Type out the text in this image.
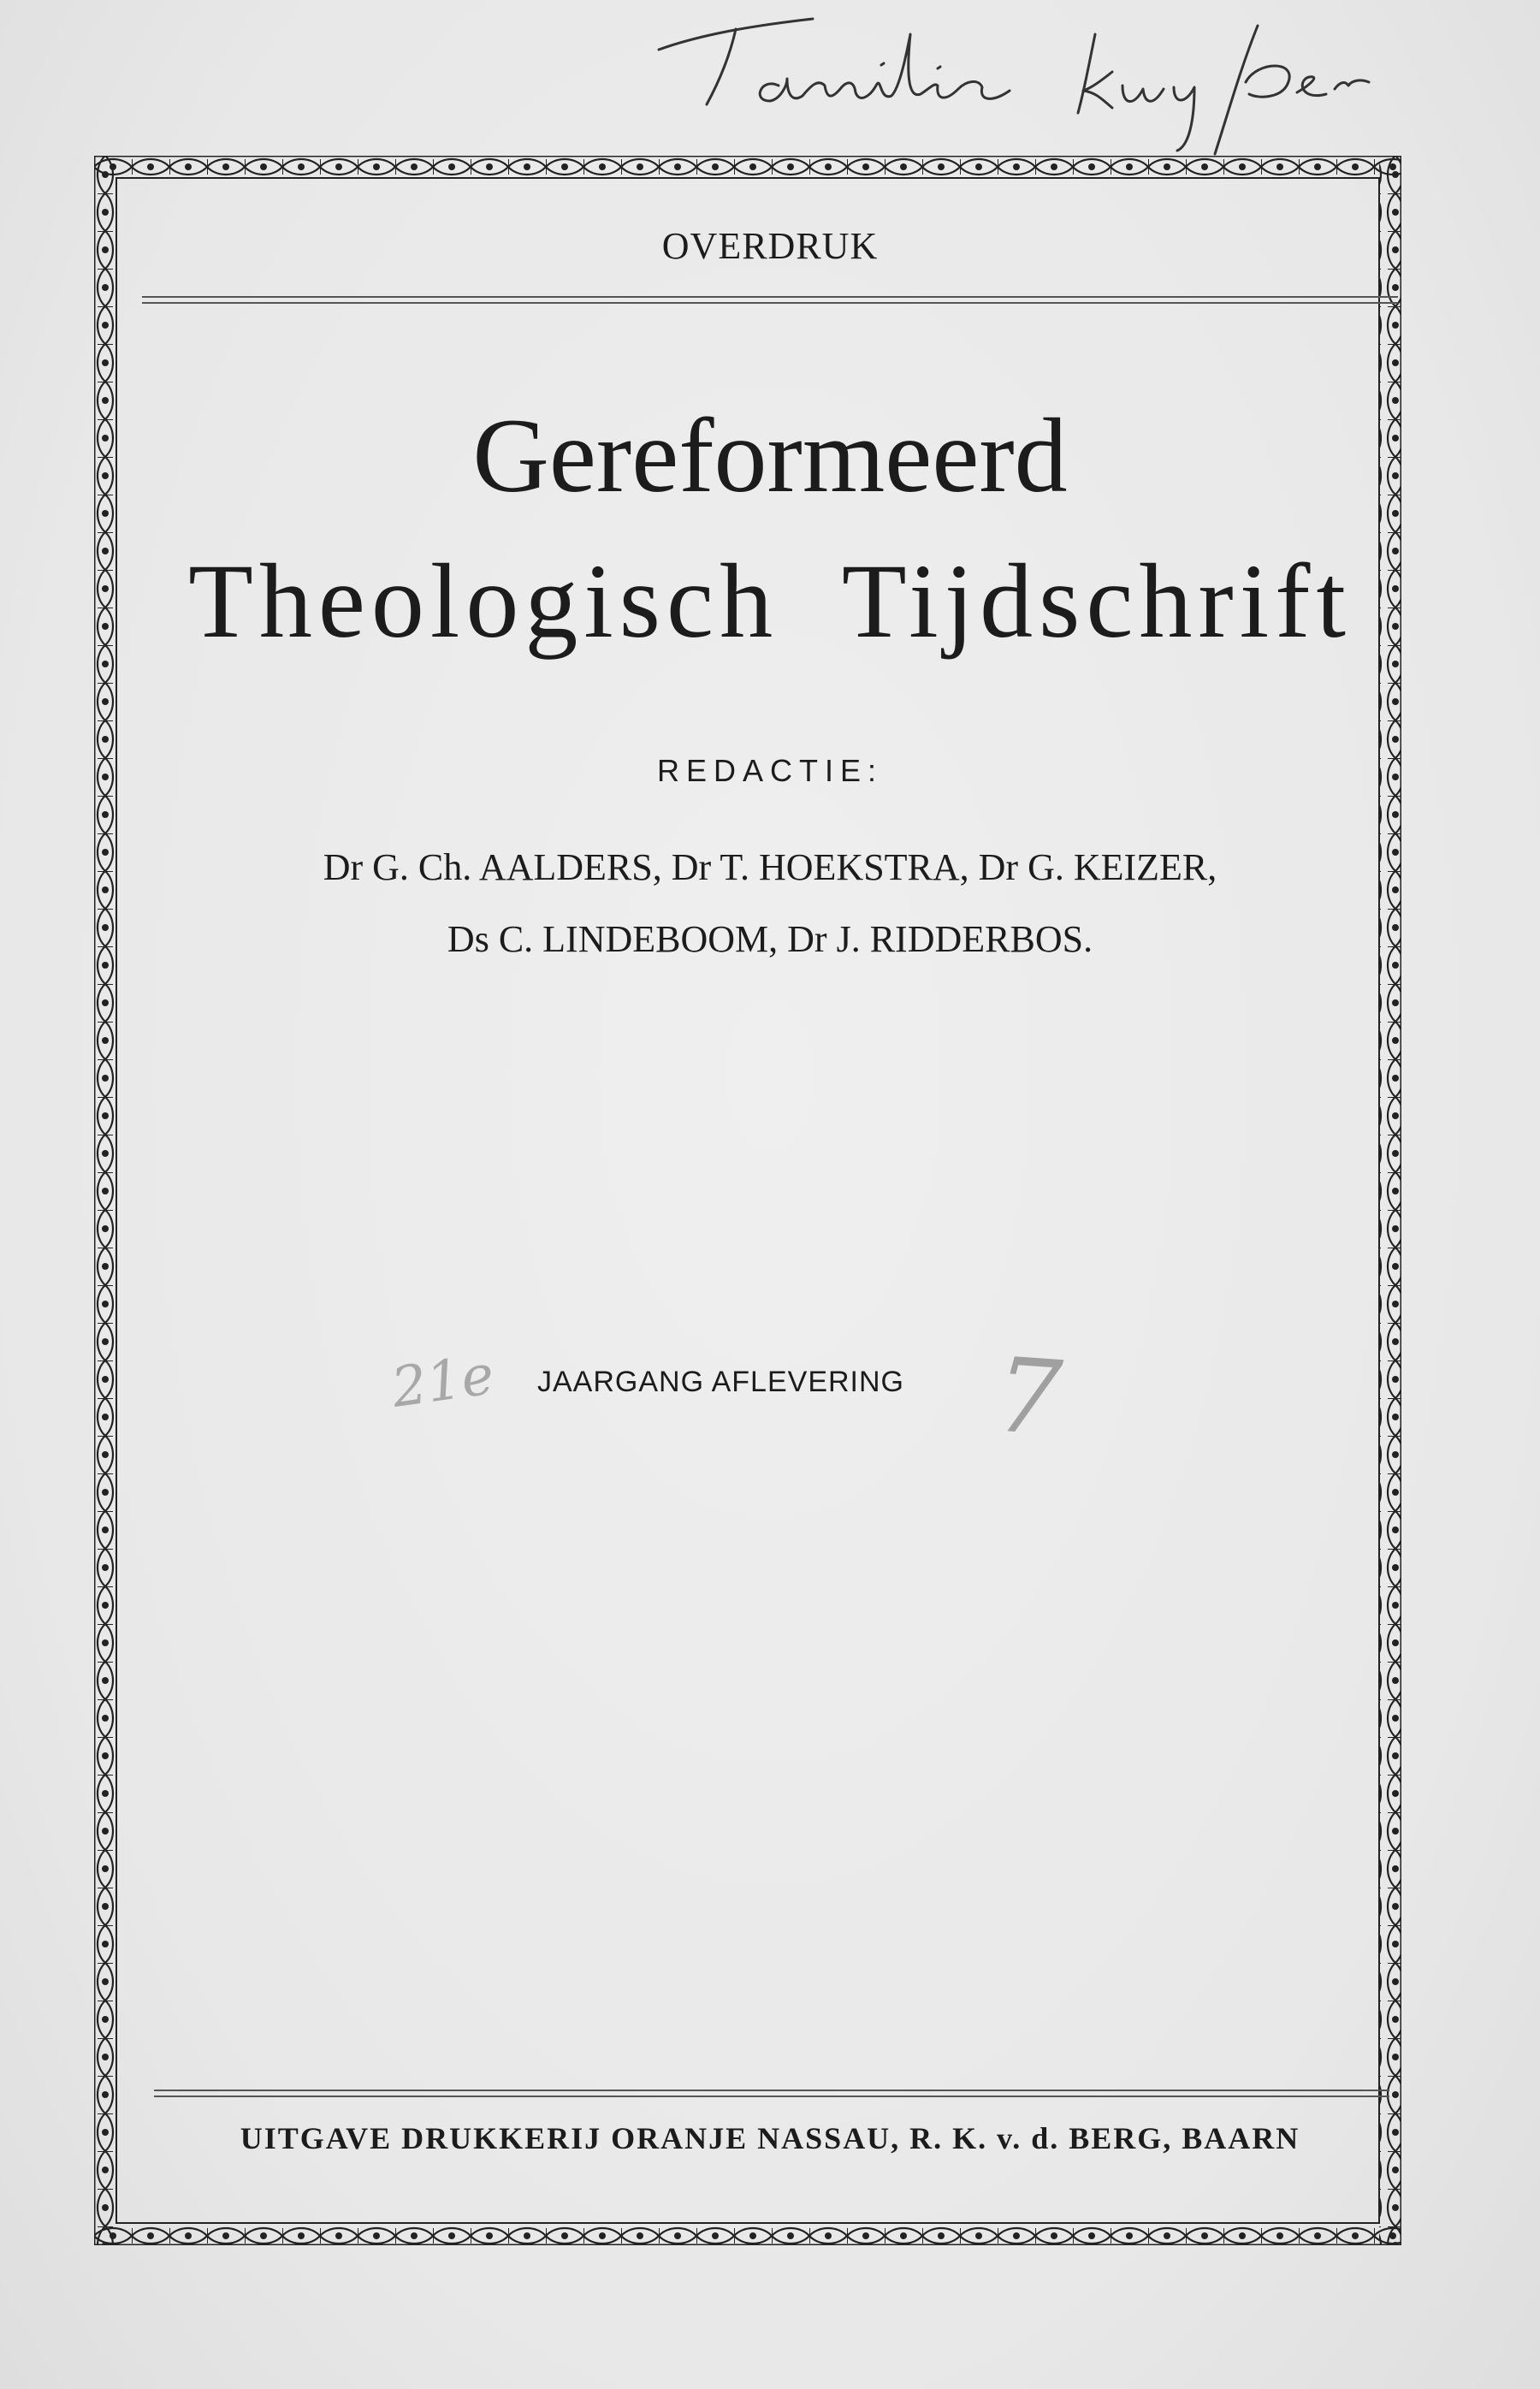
OVERDRUK
Gereformeerd
Theologisch  Tijdschrift
REDACTIE:
Dr G. Ch. AALDERS, Dr T. HOEKSTRA, Dr G. KEIZER,
Ds C. LINDEBOOM, Dr J. RIDDERBOS.
21e JAARGANG AFLEVERING 7
UITGAVE DRUKKERIJ ORANJE NASSAU, R. K. v. d. BERG, BAARN
